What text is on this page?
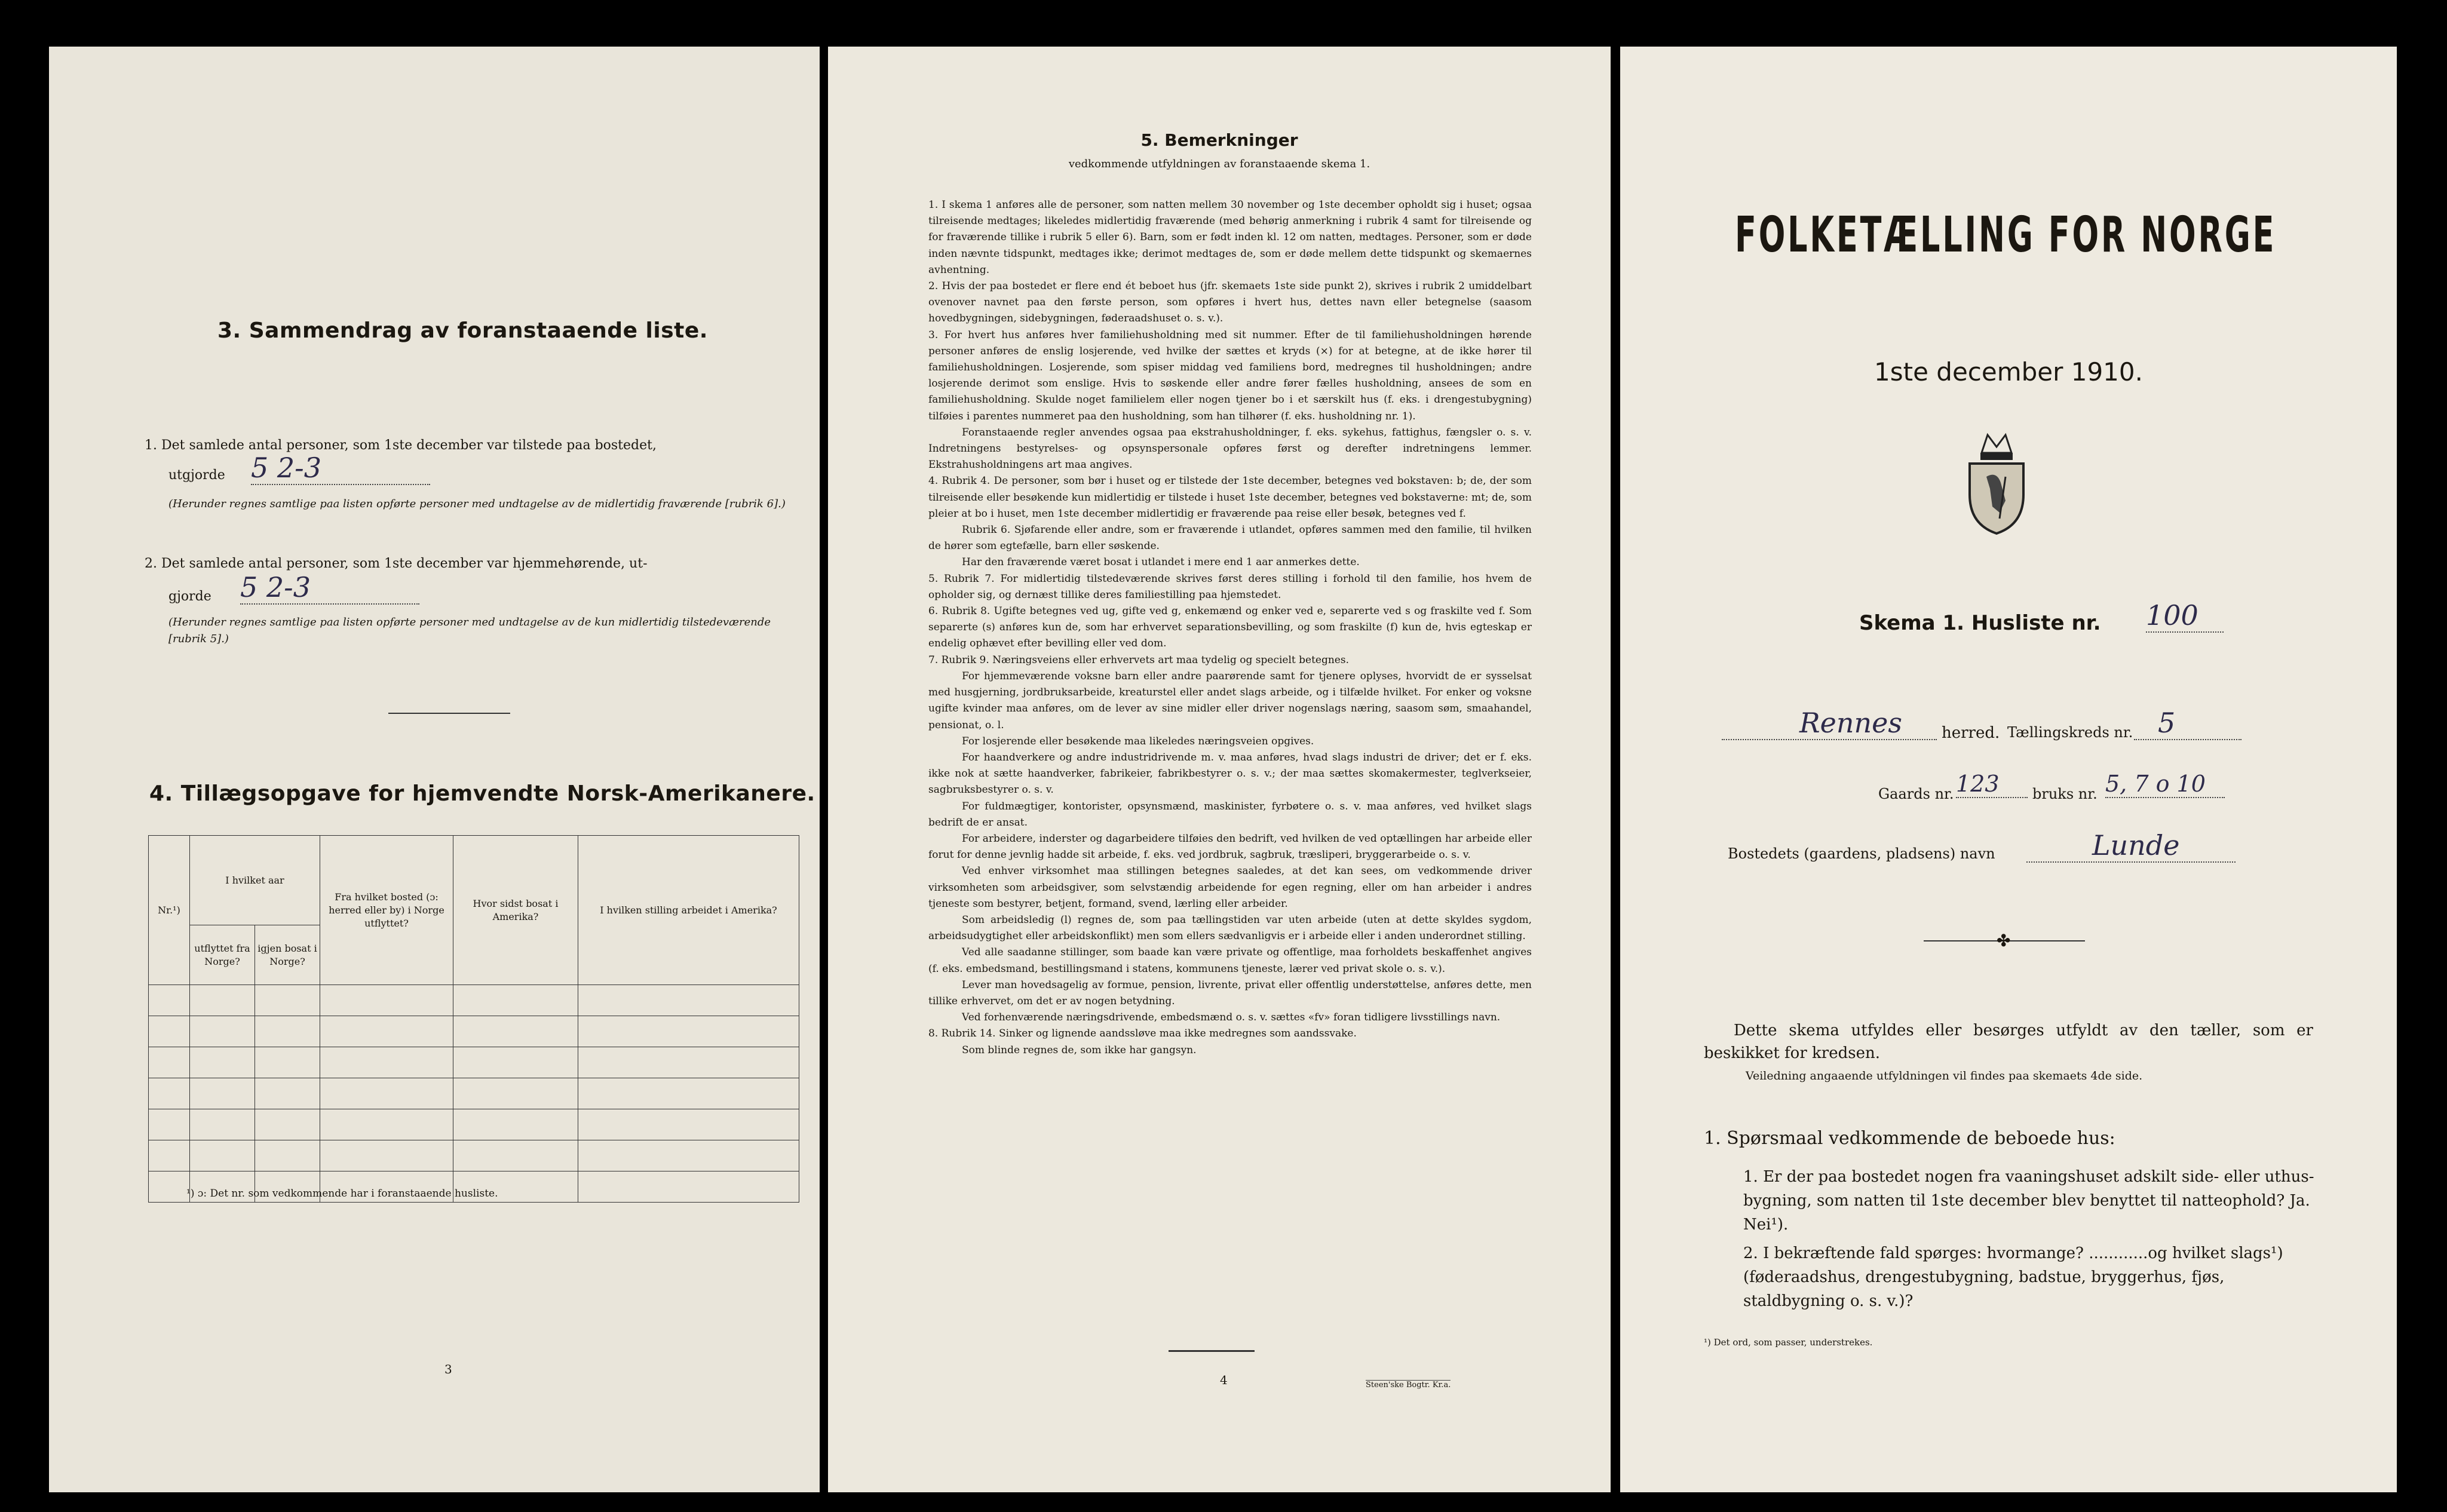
3. Sammendrag av foranstaaende liste.
1. Det samlede antal personer, som 1ste december var tilstede paa bostedet,
utgjorde 5 2-3
(Herunder regnes samtlige paa listen opførte personer med undtagelse av de midlertidig fraværende [rubrik 6].)
2. Det samlede antal personer, som 1ste december var hjemmehørende, ut-
gjorde 5 2-3
(Herunder regnes samtlige paa listen opførte personer med undtagelse av de kun midlertidig tilstedeværende [rubrik 5].)
4. Tillægsopgave for hjemvendte Norsk-Amerikanere.
Nr.¹)	I hvilket aar		Fra hvilket bosted (ɔ: herred eller by) i Norge utflyttet?	Hvor sidst bosat i Amerika?	I hvilken stilling arbeidet i Amerika?
	utflyttet fra Norge?	igjen bosat i Norge?			

¹) ɔ: Det nr. som vedkommende har i foranstaaende husliste.
3
5. Bemerkninger
vedkommende utfyldningen av foranstaaende skema 1.

1. I skema 1 anføres alle de personer, som natten mellem 30 november og 1ste december opholdt sig i huset; ogsaa tilreisende medtages; likeledes midlertidig fraværende (med behørig anmerkning i rubrik 4 samt for tilreisende og for fraværende tillike i rubrik 5 eller 6). Barn, som er født inden kl. 12 om natten, medtages. Personer, som er døde inden nævnte tidspunkt, medtages ikke; derimot medtages de, som er døde mellem dette tidspunkt og skemaernes avhentning.

2. Hvis der paa bostedet er flere end ét beboet hus (jfr. skemaets 1ste side punkt 2), skrives i rubrik 2 umiddelbart ovenover navnet paa den første person, som opføres i hvert hus, dettes navn eller betegnelse (saasom hovedbygningen, sidebygningen, føderaadshuset o. s. v.).

3. For hvert hus anføres hver familiehusholdning med sit nummer. Efter de til familiehusholdningen hørende personer anføres de enslig losjerende, ved hvilke der sættes et kryds (×) for at betegne, at de ikke hører til familiehusholdningen. Losjerende, som spiser middag ved familiens bord, medregnes til husholdningen; andre losjerende derimot som enslige. Hvis to søskende eller andre fører fælles husholdning, ansees de som en familiehusholdning. Skulde noget familielem eller nogen tjener bo i et særskilt hus (f. eks. i drengestubygning) tilføies i parentes nummeret paa den husholdning, som han tilhører (f. eks. husholdning nr. 1).

Foranstaaende regler anvendes ogsaa paa ekstrahusholdninger, f. eks. sykehus, fattighus, fængsler o. s. v. Indretningens bestyrelses- og opsynspersonale opføres først og derefter indretningens lemmer. Ekstrahusholdningens art maa angives.

4. Rubrik 4. De personer, som bør i huset og er tilstede der 1ste december, betegnes ved bokstaven: b; de, der som tilreisende eller besøkende kun midlertidig er tilstede i huset 1ste december, betegnes ved bokstaverne: mt; de, som pleier at bo i huset, men 1ste december midlertidig er fraværende paa reise eller besøk, betegnes ved f.

Rubrik 6. Sjøfarende eller andre, som er fraværende i utlandet, opføres sammen med den familie, til hvilken de hører som egtefælle, barn eller søskende.

Har den fraværende været bosat i utlandet i mere end 1 aar anmerkes dette.

5. Rubrik 7. For midlertidig tilstedeværende skrives først deres stilling i forhold til den familie, hos hvem de opholder sig, og dernæst tillike deres familiestilling paa hjemstedet.

6. Rubrik 8. Ugifte betegnes ved ug, gifte ved g, enkemænd og enker ved e, separerte ved s og fraskilte ved f. Som separerte (s) anføres kun de, som har erhvervet separationsbevilling, og som fraskilte (f) kun de, hvis egteskap er endelig ophævet efter bevilling eller ved dom.

7. Rubrik 9. Næringsveiens eller erhvervets art maa tydelig og specielt betegnes.

For hjemmeværende voksne barn eller andre paarørende samt for tjenere oplyses, hvorvidt de er sysselsat med husgjerning, jordbruksarbeide, kreaturstel eller andet slags arbeide, og i tilfælde hvilket. For enker og voksne ugifte kvinder maa anføres, om de lever av sine midler eller driver nogenslags næring, saasom søm, smaahandel, pensionat, o. l.

For losjerende eller besøkende maa likeledes næringsveien opgives.

For haandverkere og andre industridrivende m. v. maa anføres, hvad slags industri de driver; det er f. eks. ikke nok at sætte haandverker, fabrikeier, fabrikbestyrer o. s. v.; der maa sættes skomakermester, teglverkseier, sagbruksbestyrer o. s. v.

For fuldmægtiger, kontorister, opsynsmænd, maskinister, fyrbøtere o. s. v. maa anføres, ved hvilket slags bedrift de er ansat.

For arbeidere, inderster og dagarbeidere tilføies den bedrift, ved hvilken de ved optællingen har arbeide eller forut for denne jevnlig hadde sit arbeide, f. eks. ved jordbruk, sagbruk, træsliperi, bryggerarbeide o. s. v.

Ved enhver virksomhet maa stillingen betegnes saaledes, at det kan sees, om vedkommende driver virksomheten som arbeidsgiver, som selvstændig arbeidende for egen regning, eller om han arbeider i andres tjeneste som bestyrer, betjent, formand, svend, lærling eller arbeider.

Som arbeidsledig (l) regnes de, som paa tællingstiden var uten arbeide (uten at dette skyldes sygdom, arbeidsudygtighet eller arbeidskonflikt) men som ellers sædvanligvis er i arbeide eller i anden underordnet stilling.

Ved alle saadanne stillinger, som baade kan være private og offentlige, maa forholdets beskaffenhet angives (f. eks. embedsmand, bestillingsmand i statens, kommunens tjeneste, lærer ved privat skole o. s. v.).

Lever man hovedsagelig av formue, pension, livrente, privat eller offentlig understøttelse, anføres dette, men tillike erhvervet, om det er av nogen betydning.

Ved forhenværende næringsdrivende, embedsmænd o. s. v. sættes «fv» foran tidligere livsstillings navn.

8. Rubrik 14. Sinker og lignende aandssløve maa ikke medregnes som aandssvake.

Som blinde regnes de, som ikke har gangsyn.

4	Steen'ske Bogtr. Kr.a.
FOLKETÆLLING FOR NORGE
1ste december 1910.
Skema 1. Husliste nr. 100
Rennes	herred. Tællingskreds nr. 5
Gaards nr. 123	bruks nr. 5, 7 o 10
Bostedets (gaardens, pladsens) navn	Lunde
✤
Dette skema utfyldes eller besørges utfyldt av den tæller, som er beskikket for kredsen.
Veiledning angaaende utfyldningen vil findes paa skemaets 4de side.
1. Spørsmaal vedkommende de beboede hus:
1. Er der paa bostedet nogen fra vaaningshuset adskilt side- eller uthus-bygning, som natten til 1ste december blev benyttet til natteophold? Ja. Nei¹).
2. I bekræftende fald spørges: hvormange? ............og hvilket slags¹) (føderaadshus, drengestubygning, badstue, bryggerhus, fjøs, staldbygning o. s. v.)?
¹) Det ord, som passer, understrekes.
